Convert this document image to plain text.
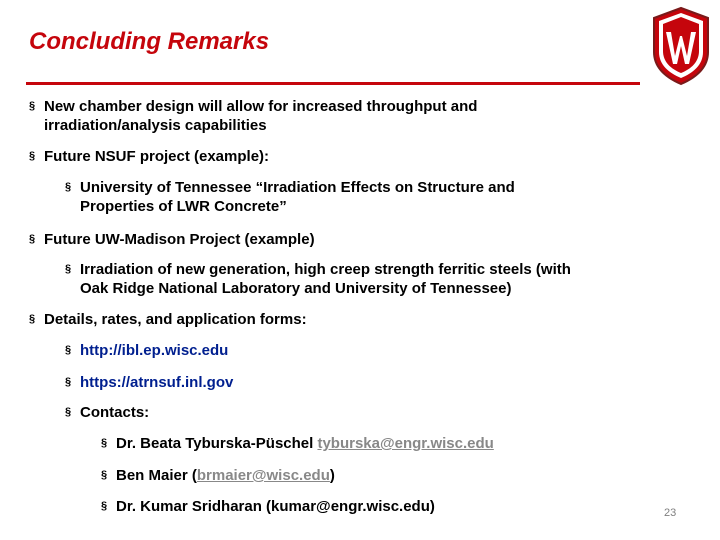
Concluding Remarks
§ New chamber design will allow for increased throughput and
irradiation/analysis capabilities
§ Future NSUF project (example):
§ University of Tennessee “Irradiation Effects on Structure and
Properties of LWR Concrete”
§ Future UW-Madison Project (example)
§ Irradiation of new generation, high creep strength ferritic steels (with
Oak Ridge National Laboratory and University of Tennessee)
§ Details, rates, and application forms:
§ http://ibl.ep.wisc.edu
§ https://atrnsuf.inl.gov
§ Contacts:
§ Dr. Beata Tyburska-Püschel tyburska@engr.wisc.edu
§ Ben Maier (brmaier@wisc.edu)
§ Dr. Kumar Sridharan (kumar@engr.wisc.edu)	23
